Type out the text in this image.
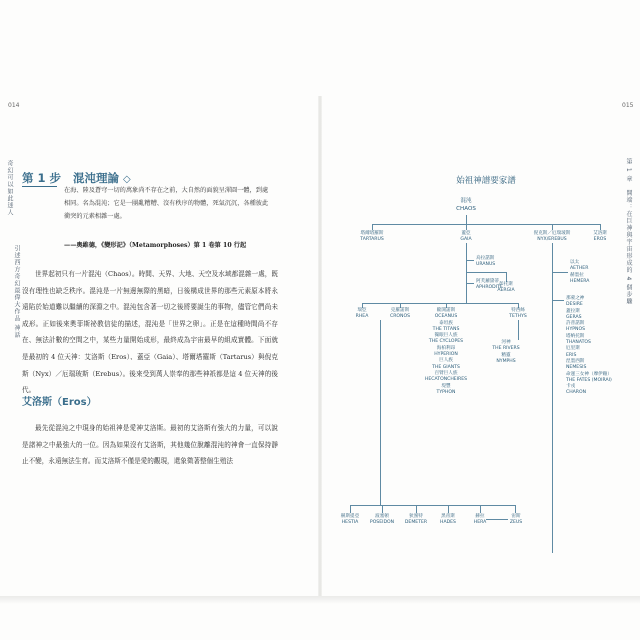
014
奇幻可以如此迷人
引述西方奇幻最偉大作品 神話
第 1 步 混沌理論 ◇
在海、陸及蒼穹一切的萬象尚不存在之前，大自然的面貌呈渾圓一體，到處相同。名為混沌；它是一團亂糟糟、沒有秩序的物體，死氣沉沉，各種彼此衝突的元素相雜一處。
——奧維德，《變形記》（Metamorphoses）第 1 卷第 10 行起
世界起初只有一片混沌（Chaos）。時間、天界、大地、天空及水域都混雜一處，既沒有理性也缺乏秩序。混沌是一片無邊無際的黑暗，日後構成世界的那些元素原本將永遠陷於始道難以繼續的深淵之中。混沌包含著一切之後將要誕生的事物，儘管它們尚未成形。正如後來奧菲斯祕教信徒的描述，混沌是「世界之卵」。正是在這種時間尚不存在、無法計數的空間之中，某些力量開始成形，最終成為宇宙最早的組成實體。下面就是最初的 4 位天神：艾洛斯（Eros）、蓋亞（Gaia）、塔爾塔羅斯（Tartarus）與倪克斯（Nyx）／厄瑞玻斯（Erebus）。後來受到萬人崇奉的那些神祇都是這 4 位天神的後代。
艾洛斯（Eros）
最先從混沌之中現身的始祖神是愛神艾洛斯。最初的艾洛斯有強大的力量，可以說是諸神之中最強大的一位。因為如果沒有艾洛斯，其他幾位脫離混沌的神會一直保持靜止不變，永遠無法生育。而艾洛斯不僅是愛的觀現，還象徵著整個生殖法
015
第 1 章　開端：在巨神與宇宙形成的 4 個步驟
始祖神譜要家譜
混沌
CHAOS
塔爾塔羅斯
TARTARUS
蓋亞
GAIA
倪克斯／厄瑞玻斯
NYX/EREBUS
艾洛斯
EROS
烏拉諾斯
URANUS
阿芙蘿黛蒂
APHRODITE
彭托斯
AERGIA
以太
AETHER
赫墨拉
HEMERA
瑞亞
RHEA
克羅諾斯
CRONOS
歐開諾斯
OCEANUS
泰坦族
THE TITANS
獨眼巨人族
THE CYCLOPES
海柏利昂
HYPERION
巨人族
THE GIANTS
百臂巨人族
HECATONCHEIRES
堤豐
TYPHON
特西絲
TETHYS
河神
THE RIVERS
精靈
NYMPHS
那蒙之神
DESIRE
蓋拉斯
GERAS
許普諾斯
HYPNOS
塔納托斯
THANATOS
厄里斯
ERIS
涅墨西斯
NEMESIS
命運三女神（摩伊賴）
THE FATES (MOIRAI)
卡戎
CHARON
赫斯提亞
HESTIA
波塞頓
POSEIDON
狄蜜特
DEMETER
黑帝斯
HADES
赫拉
HERA
宙斯
ZEUS
